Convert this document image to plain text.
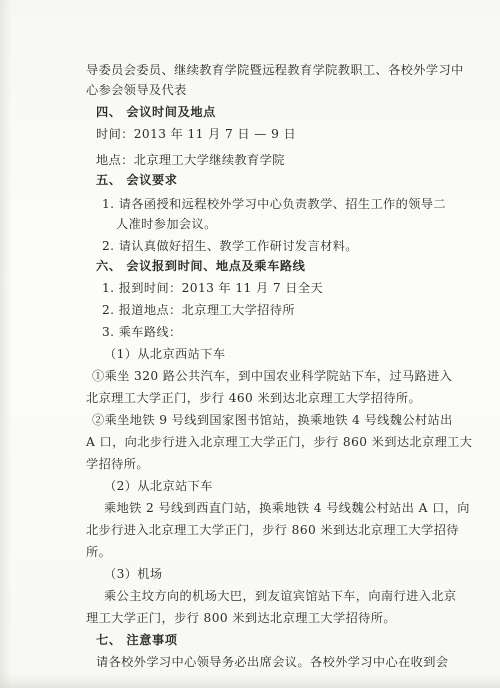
导委员会委员、继续教育学院暨远程教育学院教职工、各校外学习中
心参会领导及代表
四、 会议时间及地点
时间：2013 年 11 月 7 日 — 9 日
地点：北京理工大学继续教育学院
五、 会议要求
1. 请各函授和远程校外学习中心负责教学、招生工作的领导二
人准时参加会议。
2. 请认真做好招生、教学工作研讨发言材料。
六、 会议报到时间、地点及乘车路线
1. 报到时间：2013 年 11 月 7 日全天
2. 报道地点：北京理工大学招待所
3. 乘车路线：
（1）从北京西站下车
①乘坐 320 路公共汽车，到中国农业科学院站下车，过马路进入
北京理工大学正门，步行 460 米到达北京理工大学招待所。
②乘坐地铁 9 号线到国家图书馆站，换乘地铁 4 号线魏公村站出
A 口，向北步行进入北京理工大学正门，步行 860 米到达北京理工大
学招待所。
（2）从北京站下车
乘地铁 2 号线到西直门站，换乘地铁 4 号线魏公村站出 A 口，向
北步行进入北京理工大学正门，步行 860 米到达北京理工大学招待
所。
（3）机场
乘公主坟方向的机场大巴，到友谊宾馆站下车，向南行进入北京
理工大学正门，步行 800 米到达北京理工大学招待所。
七、 注意事项
请各校外学习中心领导务必出席会议。各校外学习中心在收到会
